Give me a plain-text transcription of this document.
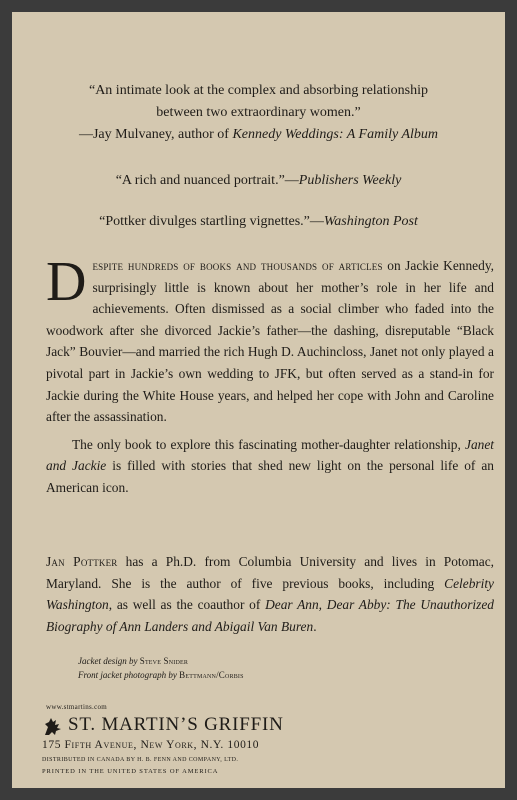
“An intimate look at the complex and absorbing relationship
between two extraordinary women.”
—Jay Mulvaney, author of Kennedy Weddings: A Family Album
“A rich and nuanced portrait.”—Publishers Weekly
“Pottker divulges startling vignettes.”—Washington Post

Despite hundreds of books and thousands of articles on Jackie Kennedy, surprisingly little is known about her mother’s role in her life and achievements. Often dismissed as a social climber who faded into the woodwork after she divorced Jackie’s father—the dashing, disreputable “Black Jack” Bouvier—and married the rich Hugh D. Auchincloss, Janet not only played a pivotal part in Jackie’s own wedding to JFK, but often served as a stand-in for Jackie during the White House years, and helped her cope with John and Caroline after the assassination.

The only book to explore this fascinating mother-daughter relationship, Janet and Jackie is filled with stories that shed new light on the personal life of an American icon.

Jan Pottker has a Ph.D. from Columbia University and lives in Potomac, Maryland. She is the author of five previous books, including Celebrity Washington, as well as the coauthor of Dear Ann, Dear Abby: The Unauthorized Biography of Ann Landers and Abigail Van Buren.

Jacket design by Steve Snider
Front jacket photograph by Bettmann/Corbis
www.stmartins.com
ST. MARTIN’S GRIFFIN
175 Fifth Avenue, New York, N.Y. 10010
DISTRIBUTED IN CANADA BY H. B. FENN AND COMPANY, LTD.
PRINTED IN THE UNITED STATES OF AMERICA
